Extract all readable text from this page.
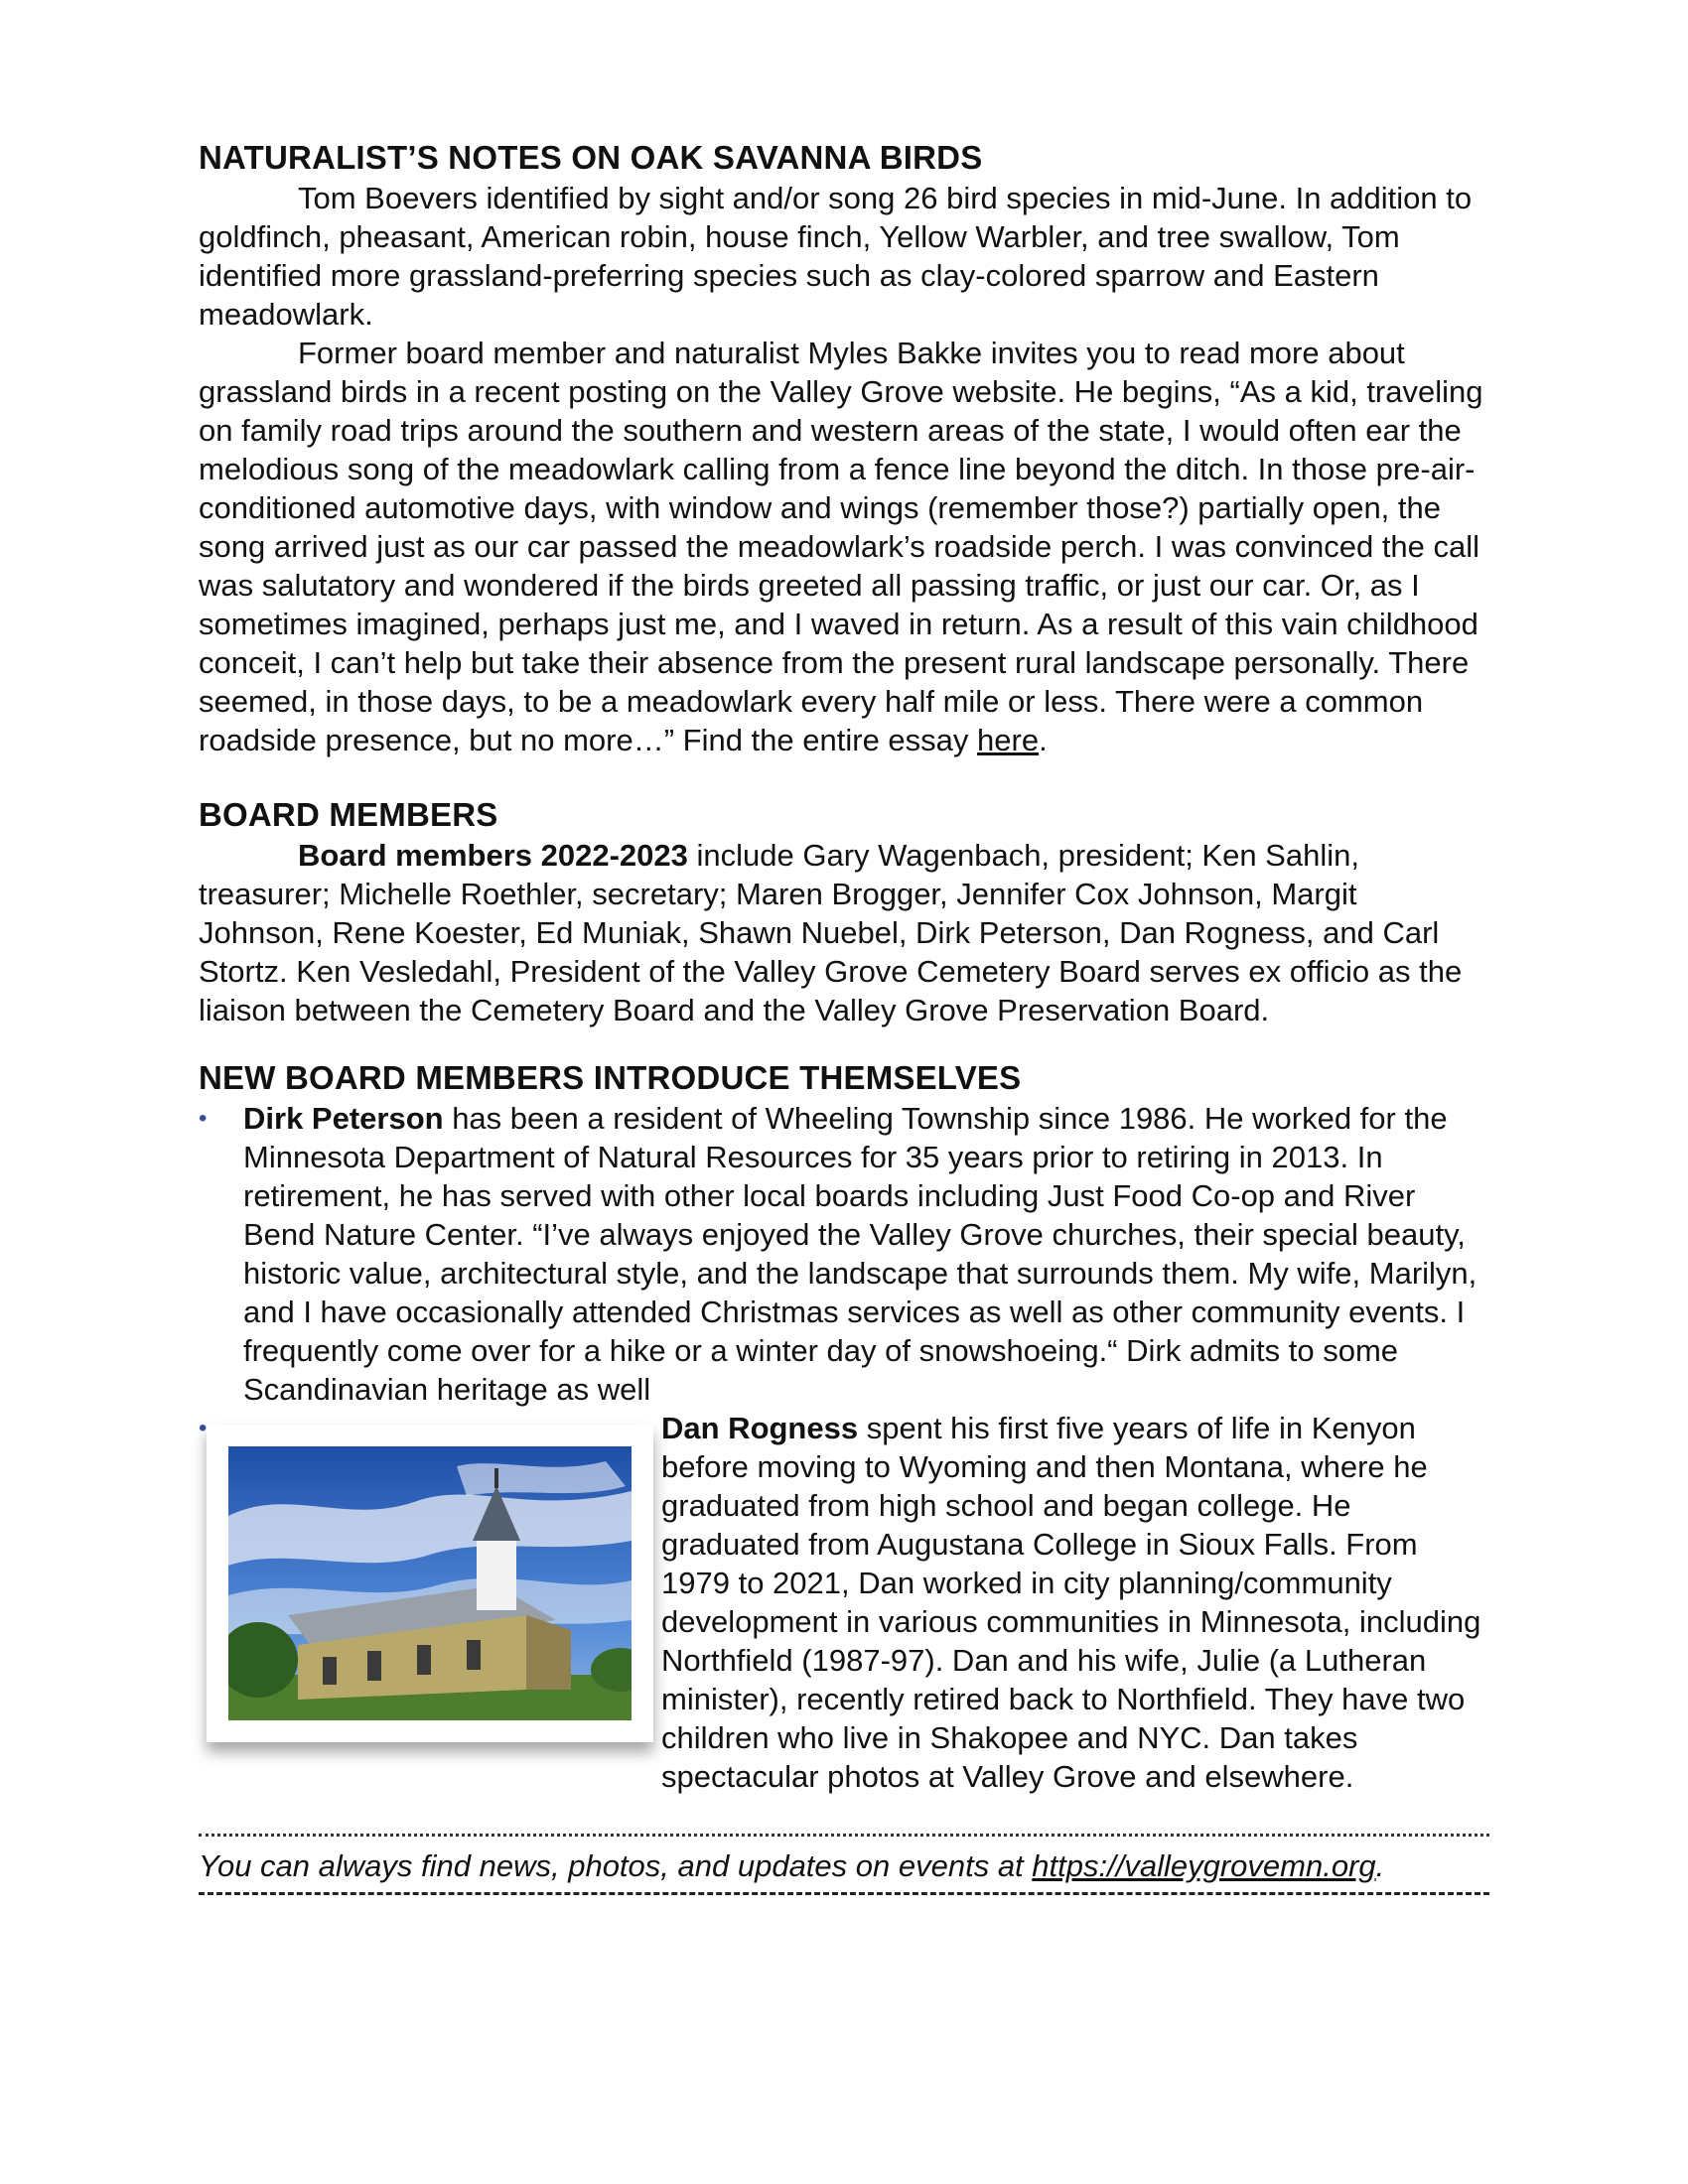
NATURALIST’S NOTES ON OAK SAVANNA BIRDS

Tom Boevers identified by sight and/or song 26 bird species in mid-June. In addition to goldfinch, pheasant, American robin, house finch, Yellow Warbler, and tree swallow, Tom identified more grassland-preferring species such as clay-colored sparrow and Eastern meadowlark.

Former board member and naturalist Myles Bakke invites you to read more about grassland birds in a recent posting on the Valley Grove website. He begins, “As a kid, traveling on family road trips around the southern and western areas of the state, I would often ear the melodious song of the meadowlark calling from a fence line beyond the ditch. In those pre-air-conditioned automotive days, with window and wings (remember those?) partially open, the song arrived just as our car passed the meadowlark’s roadside perch. I was convinced the call was salutatory and wondered if the birds greeted all passing traffic, or just our car. Or, as I sometimes imagined, perhaps just me, and I waved in return. As a result of this vain childhood conceit, I can’t help but take their absence from the present rural landscape personally. There seemed, in those days, to be a meadowlark every half mile or less. There were a common roadside presence, but no more…” Find the entire essay here.

BOARD MEMBERS

Board members 2022-2023 include Gary Wagenbach, president; Ken Sahlin, treasurer; Michelle Roethler, secretary; Maren Brogger, Jennifer Cox Johnson, Margit Johnson, Rene Koester, Ed Muniak, Shawn Nuebel, Dirk Peterson, Dan Rogness, and Carl Stortz. Ken Vesledahl, President of the Valley Grove Cemetery Board serves ex officio as the liaison between the Cemetery Board and the Valley Grove Preservation Board.

NEW BOARD MEMBERS INTRODUCE THEMSELVES
• Dirk Peterson has been a resident of Wheeling Township since 1986. He worked for the Minnesota Department of Natural Resources for 35 years prior to retiring in 2013. In retirement, he has served with other local boards including Just Food Co-op and River Bend Nature Center. “I’ve always enjoyed the Valley Grove churches, their special beauty, historic value, architectural style, and the landscape that surrounds them. My wife, Marilyn, and I have occasionally attended Christmas services as well as other community events. I frequently come over for a hike or a winter day of snowshoeing.“ Dirk admits to some Scandinavian heritage as well
•	Dan Rogness
spent his first five years of life in Kenyon before moving to Wyoming and then Montana, where he graduated from high school and began college. He graduated from Augustana College in Sioux Falls. From 1979 to 2021, Dan worked in city planning/community development in various communities in Minnesota, including Northfield (1987-97). Dan and his wife, Julie (a Lutheran minister), recently retired back to Northfield. They have two children who live in Shakopee and NYC. Dan takes spectacular photos at Valley Grove and elsewhere.
You can always find news, photos, and updates on events at https://valleygrovemn.org.
